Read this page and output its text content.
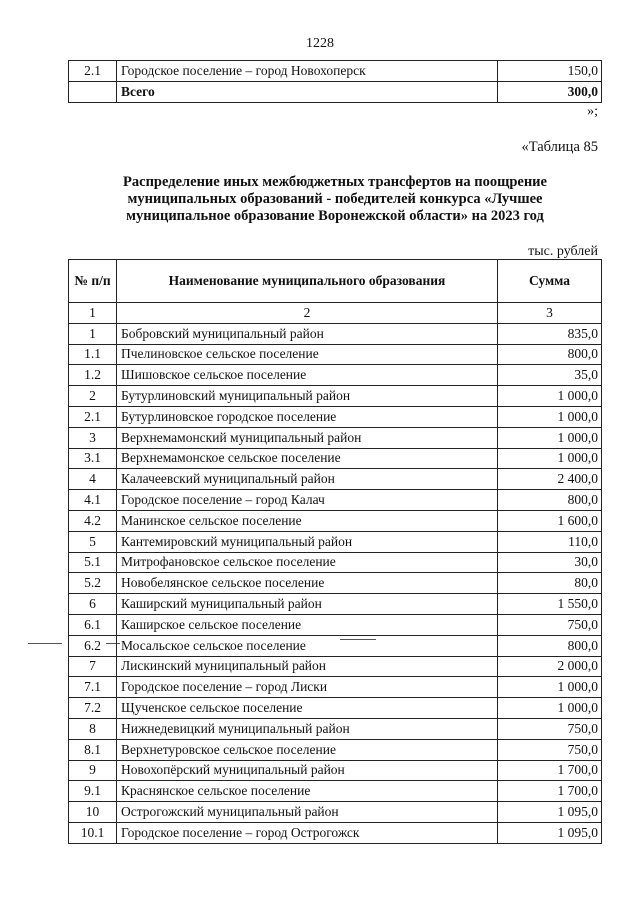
1228
2.1	Городское поселение – город Новохоперск	150,0
	Всего	300,0
»;
«Таблица 85
Распределение иных межбюджетных трансфертов на поощрение муниципальных образований - победителей конкурса «Лучшее муниципальное образование Воронежской области» на 2023 год
тыс. рублей
№ п/п	Наименование муниципального образования	Сумма
1	2	3
1	Бобровский муниципальный район	835,0
1.1	Пчелиновское сельское поселение	800,0
1.2	Шишовское сельское поселение	35,0
2	Бутурлиновский муниципальный район	1 000,0
2.1	Бутурлиновское городское поселение	1 000,0
3	Верхнемамонский муниципальный район	1 000,0
3.1	Верхнемамонское сельское поселение	1 000,0
4	Калачеевский муниципальный район	2 400,0
4.1	Городское поселение – город Калач	800,0
4.2	Манинское сельское поселение	1 600,0
5	Кантемировский муниципальный район	110,0
5.1	Митрофановское сельское поселение	30,0
5.2	Новобелянское сельское поселение	80,0
6	Каширский муниципальный район	1 550,0
6.1	Каширское сельское поселение	750,0
6.2	Мосальское сельское поселение	800,0
7	Лискинский муниципальный район	2 000,0
7.1	Городское поселение – город Лиски	1 000,0
7.2	Щученское сельское поселение	1 000,0
8	Нижнедевицкий муниципальный район	750,0
8.1	Верхнетуровское сельское поселение	750,0
9	Новохопёрский муниципальный район	1 700,0
9.1	Краснянское сельское поселение	1 700,0
10	Острогожский муниципальный район	1 095,0
10.1	Городское поселение – город Острогожск	1 095,0
